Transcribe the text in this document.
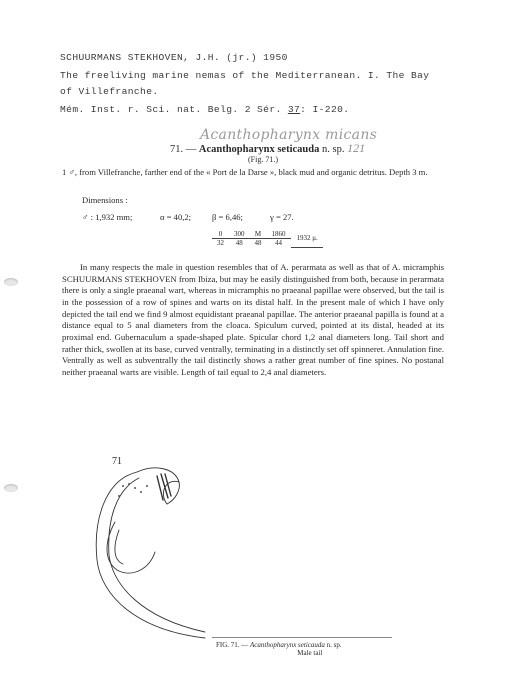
SCHUURMANS STEKHOVEN, J.H. (jr.) 1950
The freeliving marine nemas of the Mediterranean. I. The Bay
of Villefranche.
Mém. Inst. r. Sci. nat. Belg. 2 Sér. 37: I-220.
Acanthopharynx micans
71. — Acanthopharynx seticauda n. sp. 121
(Fig. 71.)
1 ♂, from Villefranche, farther end of the « Port de la Darse », black mud and organic detritus. Depth 3 m.
Dimensions :
♂ : 1,932 mm;	α = 40,2; β = 6,46;	γ = 27.
0	300	M	1860	1932 μ.
32	48	48	44	
In many respects the male in question resembles that of A. perarmata as well as that of A. micramphis SCHUURMANS STEKHOVEN from Ibiza, but may be easily distinguished from both, because in perarmata there is only a single praeanal wart, whereas in micramphis no praeanal papillae were observed, but the tail is in the possession of a row of spines and warts on its distal half. In the present male of which I have only depicted the tail end we find 9 almost equidistant praeanal papillae. The anterior praeanal papilla is found at a distance equal to 5 anal diameters from the cloaca. Spiculum curved, pointed at its distal, headed at its proximal end. Gubernaculum a spade-shaped plate. Spicular chord 1,2 anal diameters long. Tail short and rather thick, swollen at its base, curved ventrally, terminating in a distinctly set off spinneret. Annulation fine. Ventrally as well as subventrally the tail distinctly shows a rather great number of fine spines. No postanal neither praeanal warts are visible. Length of tail equal to 2,4 anal diameters.
71
FIG. 71. — Acanthopharynx seticauda n. sp.
Male tail
